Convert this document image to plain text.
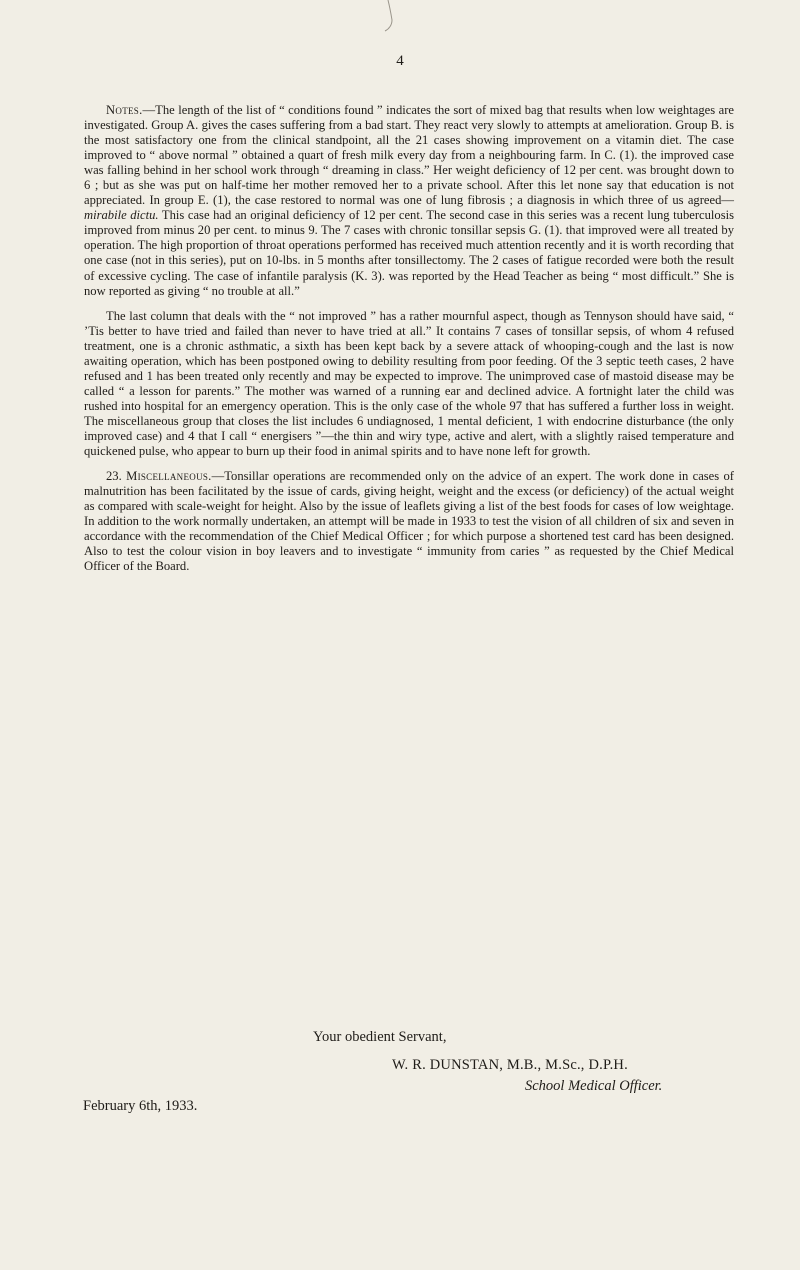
4

Notes.—The length of the list of “ conditions found ” indicates the sort of mixed bag that results when low weightages are investigated. Group A. gives the cases suffering from a bad start. They react very slowly to attempts at amelioration. Group B. is the most satisfactory one from the clinical standpoint, all the 21 cases showing improvement on a vitamin diet. The case improved to “ above normal ” obtained a quart of fresh milk every day from a neighbouring farm. In C. (1). the improved case was falling behind in her school work through “ dreaming in class.” Her weight deficiency of 12 per cent. was brought down to 6 ; but as she was put on half-time her mother removed her to a private school. After this let none say that education is not appreciated. In group E. (1), the case restored to normal was one of lung fibrosis ; a diagnosis in which three of us agreed—mirabile dictu. This case had an original deficiency of 12 per cent. The second case in this series was a recent lung tuberculosis improved from minus 20 per cent. to minus 9. The 7 cases with chronic tonsillar sepsis G. (1). that improved were all treated by operation. The high proportion of throat operations performed has received much attention recently and it is worth recording that one case (not in this series), put on 10-lbs. in 5 months after tonsillectomy. The 2 cases of fatigue recorded were both the result of excessive cycling. The case of infantile paralysis (K. 3). was reported by the Head Teacher as being “ most difficult.” She is now reported as giving “ no trouble at all.”

The last column that deals with the “ not improved ” has a rather mournful aspect, though as Tennyson should have said, “ ’Tis better to have tried and failed than never to have tried at all.” It contains 7 cases of tonsillar sepsis, of whom 4 refused treatment, one is a chronic asthmatic, a sixth has been kept back by a severe attack of whooping-cough and the last is now awaiting operation, which has been postponed owing to debility resulting from poor feeding. Of the 3 septic teeth cases, 2 have refused and 1 has been treated only recently and may be expected to improve. The unimproved case of mastoid disease may be called “ a lesson for parents.” The mother was warned of a running ear and declined advice. A fortnight later the child was rushed into hospital for an emergency operation. This is the only case of the whole 97 that has suffered a further loss in weight. The miscellaneous group that closes the list includes 6 undiagnosed, 1 mental deficient, 1 with endocrine disturbance (the only improved case) and 4 that I call “ energisers ”—the thin and wiry type, active and alert, with a slightly raised temperature and quickened pulse, who appear to burn up their food in animal spirits and to have none left for growth.

23. Miscellaneous.—Tonsillar operations are recommended only on the advice of an expert. The work done in cases of malnutrition has been facilitated by the issue of cards, giving height, weight and the excess (or deficiency) of the actual weight as compared with scale-weight for height. Also by the issue of leaflets giving a list of the best foods for cases of low weightage. In addition to the work normally undertaken, an attempt will be made in 1933 to test the vision of all children of six and seven in accordance with the recommendation of the Chief Medical Officer ; for which purpose a shortened test card has been designed. Also to test the colour vision in boy leavers and to investigate “ immunity from caries ” as requested by the Chief Medical Officer of the Board.

Your obedient Servant,
W. R. DUNSTAN, M.B., M.Sc., D.P.H.
School Medical Officer.
February 6th, 1933.
